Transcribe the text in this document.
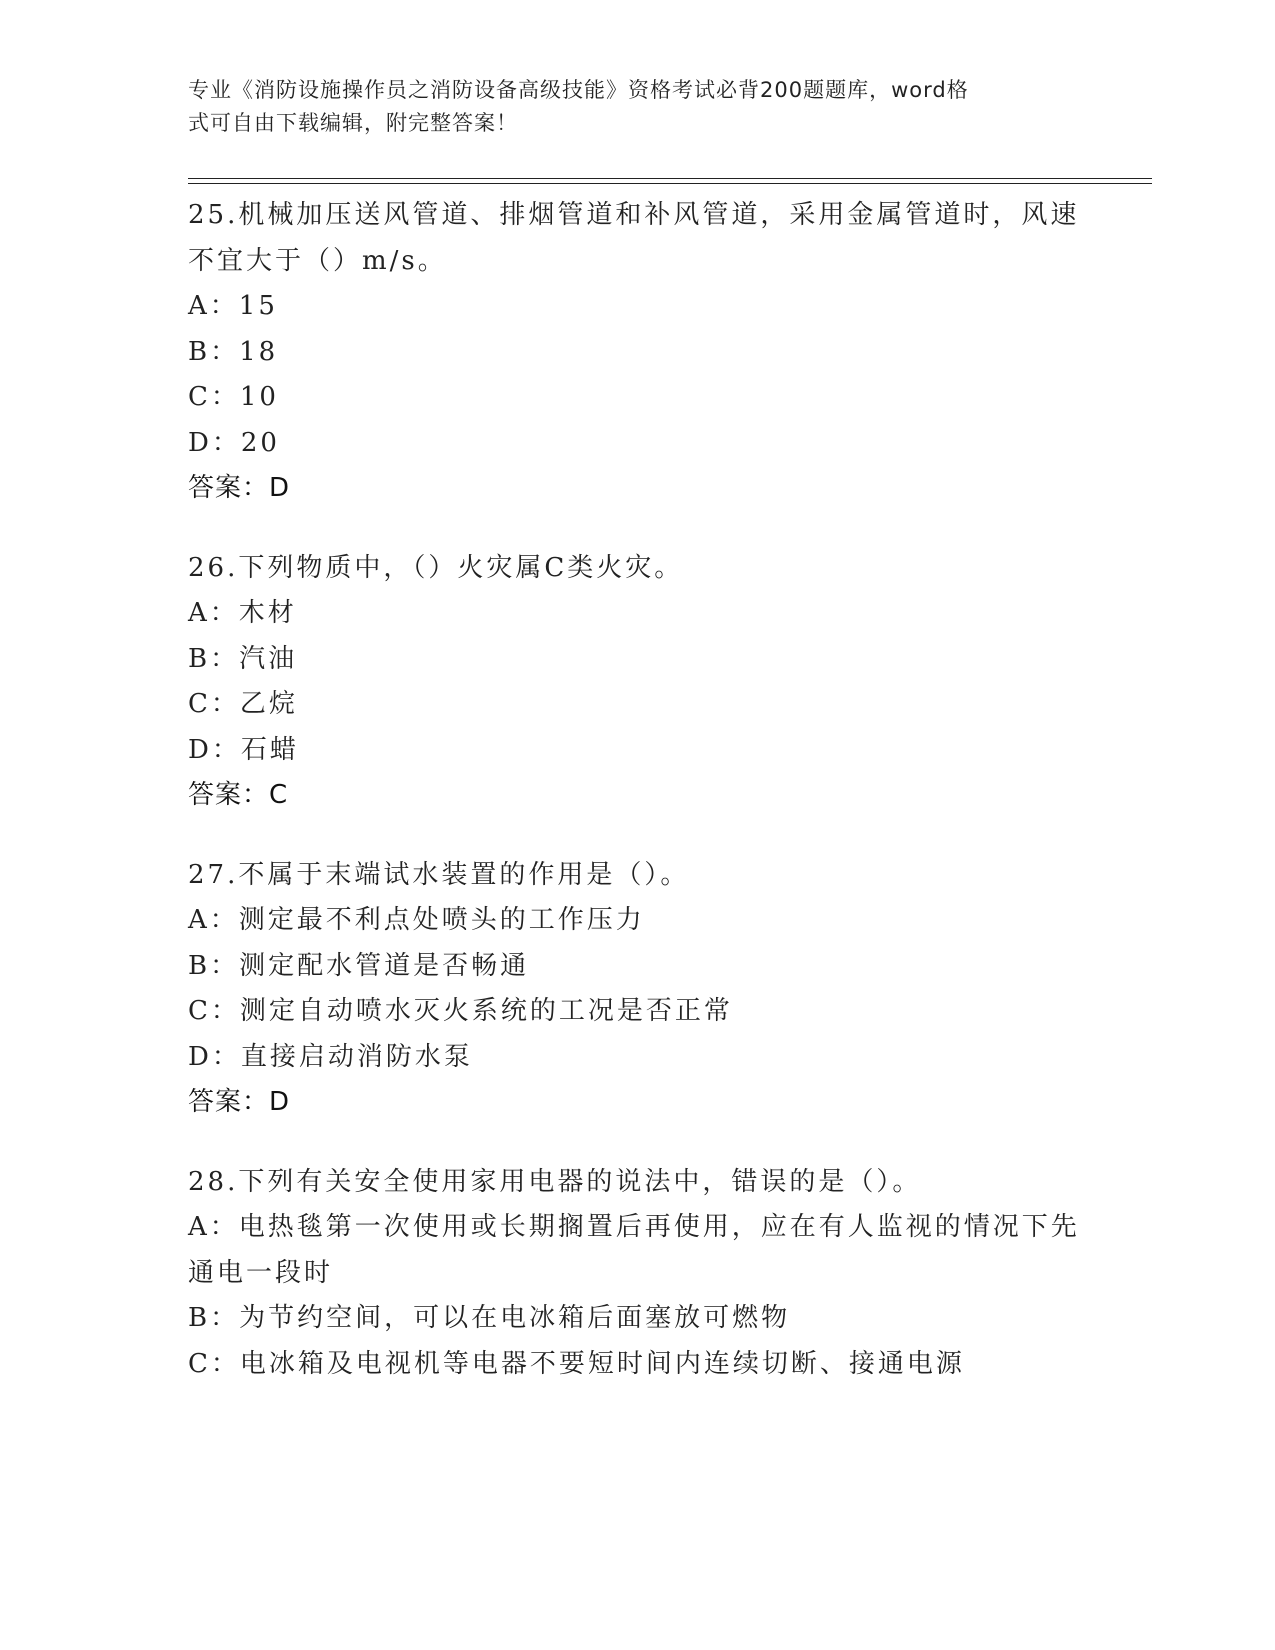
专业《消防设施操作员之消防设备高级技能》资格考试必背200题题库，word格
式可自由下载编辑，附完整答案！
25.机械加压送风管道、排烟管道和补风管道，采用金属管道时，风速
不宜大于（）m/s。
A：15
B：18
C：10
D：20
答案：D
26.下列物质中，（）火灾属C类火灾。
A：木材
B：汽油
C：乙烷
D：石蜡
答案：C
27.不属于末端试水装置的作用是（）。
A：测定最不利点处喷头的工作压力
B：测定配水管道是否畅通
C：测定自动喷水灭火系统的工况是否正常
D：直接启动消防水泵
答案：D
28.下列有关安全使用家用电器的说法中，错误的是（）。
A：电热毯第一次使用或长期搁置后再使用，应在有人监视的情况下先
通电一段时
B：为节约空间，可以在电冰箱后面塞放可燃物
C：电冰箱及电视机等电器不要短时间内连续切断、接通电源
